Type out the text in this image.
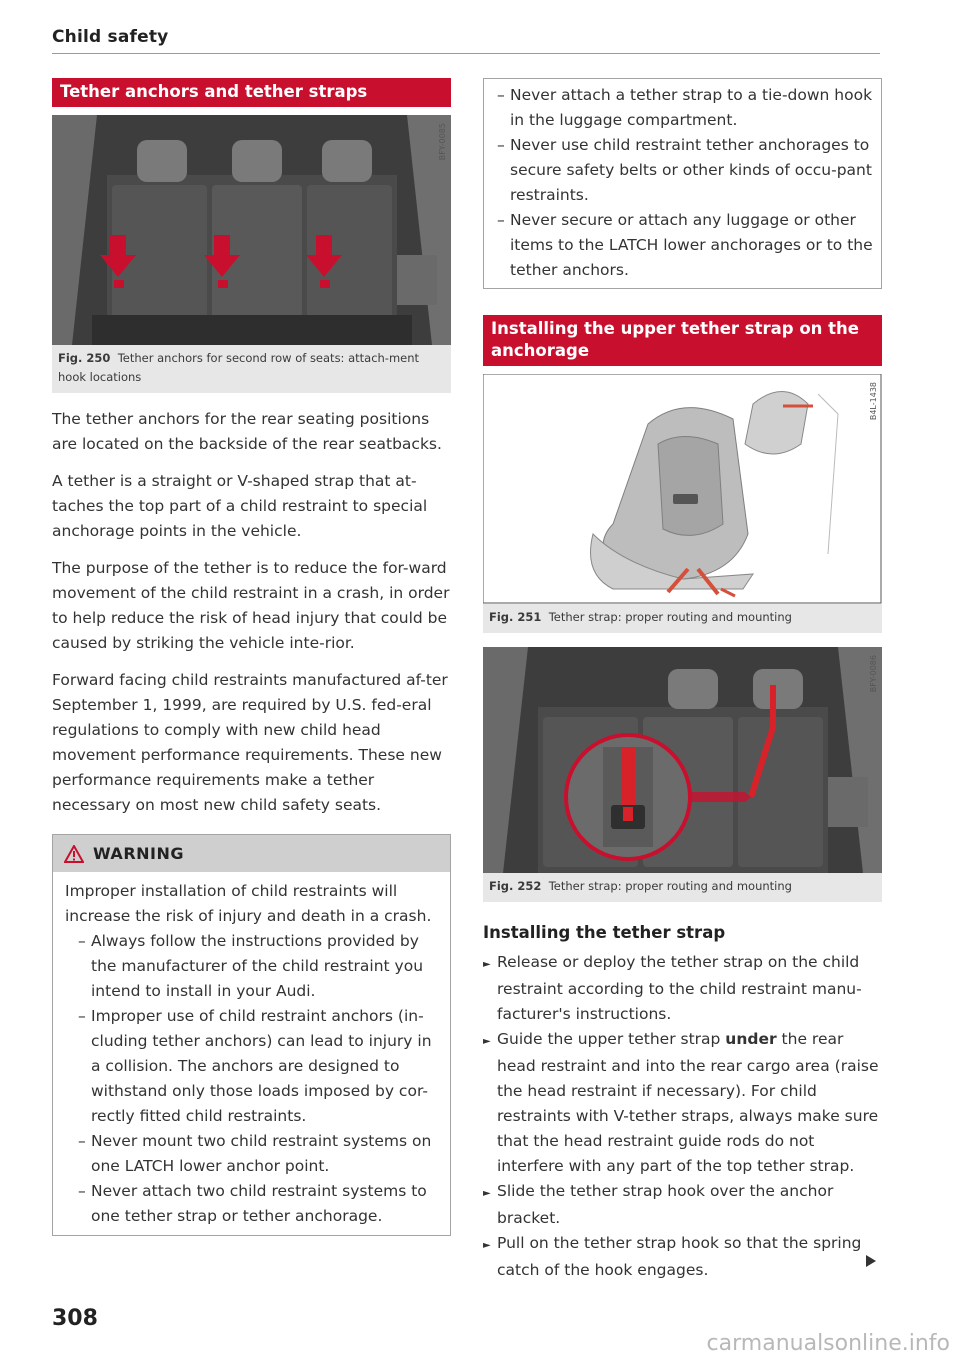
Child safety
Tether anchors and tether straps
BFY-0085
Fig. 250 Tether anchors for second row of seats: attach-ment hook locations

The tether anchors for the rear seating positions are located on the backside of the rear seatbacks.

A tether is a straight or V-shaped strap that at-taches the top part of a child restraint to special anchorage points in the vehicle.

The purpose of the tether is to reduce the for-ward movement of the child restraint in a crash, in order to help reduce the risk of head injury that could be caused by striking the vehicle inte-rior.

Forward facing child restraints manufactured af-ter September 1, 1999, are required by U.S. fed-eral regulations to comply with new child head movement performance requirements. These new performance requirements make a tether necessary on most new child safety seats.

WARNING

Improper installation of child restraints will increase the risk of injury and death in a crash.

– Always follow the instructions provided by the manufacturer of the child restraint you intend to install in your Audi.
– Improper use of child restraint anchors (in-cluding tether anchors) can lead to injury in a collision. The anchors are designed to withstand only those loads imposed by cor-rectly fitted child restraints.
– Never mount two child restraint systems on one LATCH lower anchor point.
– Never attach two child restraint systems to one tether strap or tether anchorage.
– Never attach a tether strap to a tie-down hook in the luggage compartment.
– Never use child restraint tether anchorages to secure safety belts or other kinds of occu-pant restraints.
– Never secure or attach any luggage or other items to the LATCH lower anchorages or to the tether anchors.
Installing the upper tether strap on the anchorage
B4L-1438
Fig. 251 Tether strap: proper routing and mounting
BFY-0086
Fig. 252 Tether strap: proper routing and mounting
Installing the tether strap
► Release or deploy the tether strap on the child restraint according to the child restraint manu-facturer's instructions.
► Guide the upper tether strap under the rear head restraint and into the rear cargo area (raise the head restraint if necessary). For child restraints with V-tether straps, always make sure that the head restraint guide rods do not interfere with any part of the top tether strap.
► Slide the tether strap hook over the anchor bracket.
► Pull on the tether strap hook so that the spring catch of the hook engages.
308
carmanualsonline.info
